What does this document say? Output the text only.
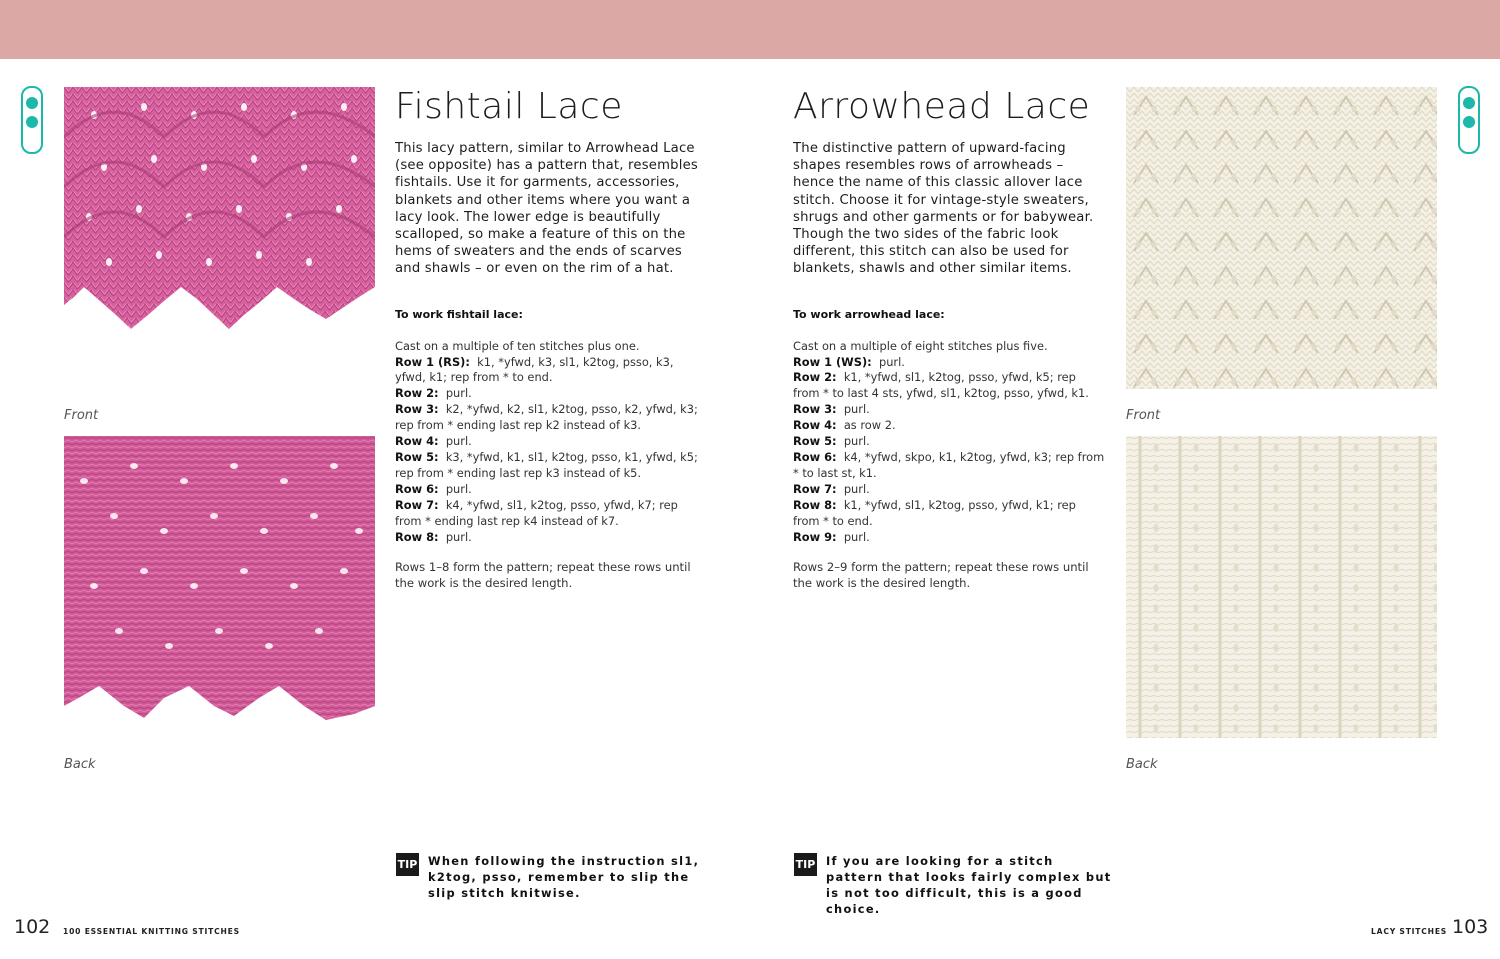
Front
Back
Fishtail Lace
This lacy pattern, similar to Arrowhead Lace (see opposite) has a pattern that, resembles fishtails. Use it for garments, accessories, blankets and other items where you want a lacy look. The lower edge is beautifully scalloped, so make a feature of this on the hems of sweaters and the ends of scarves and shawls – or even on the rim of a hat.
To work fishtail lace:
Cast on a multiple of ten stitches plus one.
Row 1 (RS): k1, *yfwd, k3, sl1, k2tog, psso, k3, yfwd, k1; rep from * to end.
Row 2: purl.
Row 3: k2, *yfwd, k2, sl1, k2tog, psso, k2, yfwd, k3; rep from * ending last rep k2 instead of k3.
Row 4: purl.
Row 5: k3, *yfwd, k1, sl1, k2tog, psso, k1, yfwd, k5; rep from * ending last rep k3 instead of k5.
Row 6: purl.
Row 7: k4, *yfwd, sl1, k2tog, psso, yfwd, k7; rep from * ending last rep k4 instead of k7.
Row 8: purl.
Rows 1–8 form the pattern; repeat these rows until the work is the desired length.
TIP When following the instruction sl1, k2tog, psso, remember to slip the slip stitch knitwise.
Arrowhead Lace
The distinctive pattern of upward-facing shapes resembles rows of arrowheads – hence the name of this classic allover lace stitch. Choose it for vintage-style sweaters, shrugs and other garments or for babywear. Though the two sides of the fabric look different, this stitch can also be used for blankets, shawls and other similar items.
To work arrowhead lace:
Cast on a multiple of eight stitches plus five.
Row 1 (WS): purl.
Row 2: k1, *yfwd, sl1, k2tog, psso, yfwd, k5; rep from * to last 4 sts, yfwd, sl1, k2tog, psso, yfwd, k1.
Row 3: purl.
Row 4: as row 2.
Row 5: purl.
Row 6: k4, *yfwd, skpo, k1, k2tog, yfwd, k3; rep from * to last st, k1.
Row 7: purl.
Row 8: k1, *yfwd, sl1, k2tog, psso, yfwd, k1; rep from * to end.
Row 9: purl.
Rows 2–9 form the pattern; repeat these rows until the work is the desired length.
TIP If you are looking for a stitch pattern that looks fairly complex but is not too difficult, this is a good choice.
Front
Back
102 100 ESSENTIAL KNITTING STITCHES	LACY STITCHES 103
